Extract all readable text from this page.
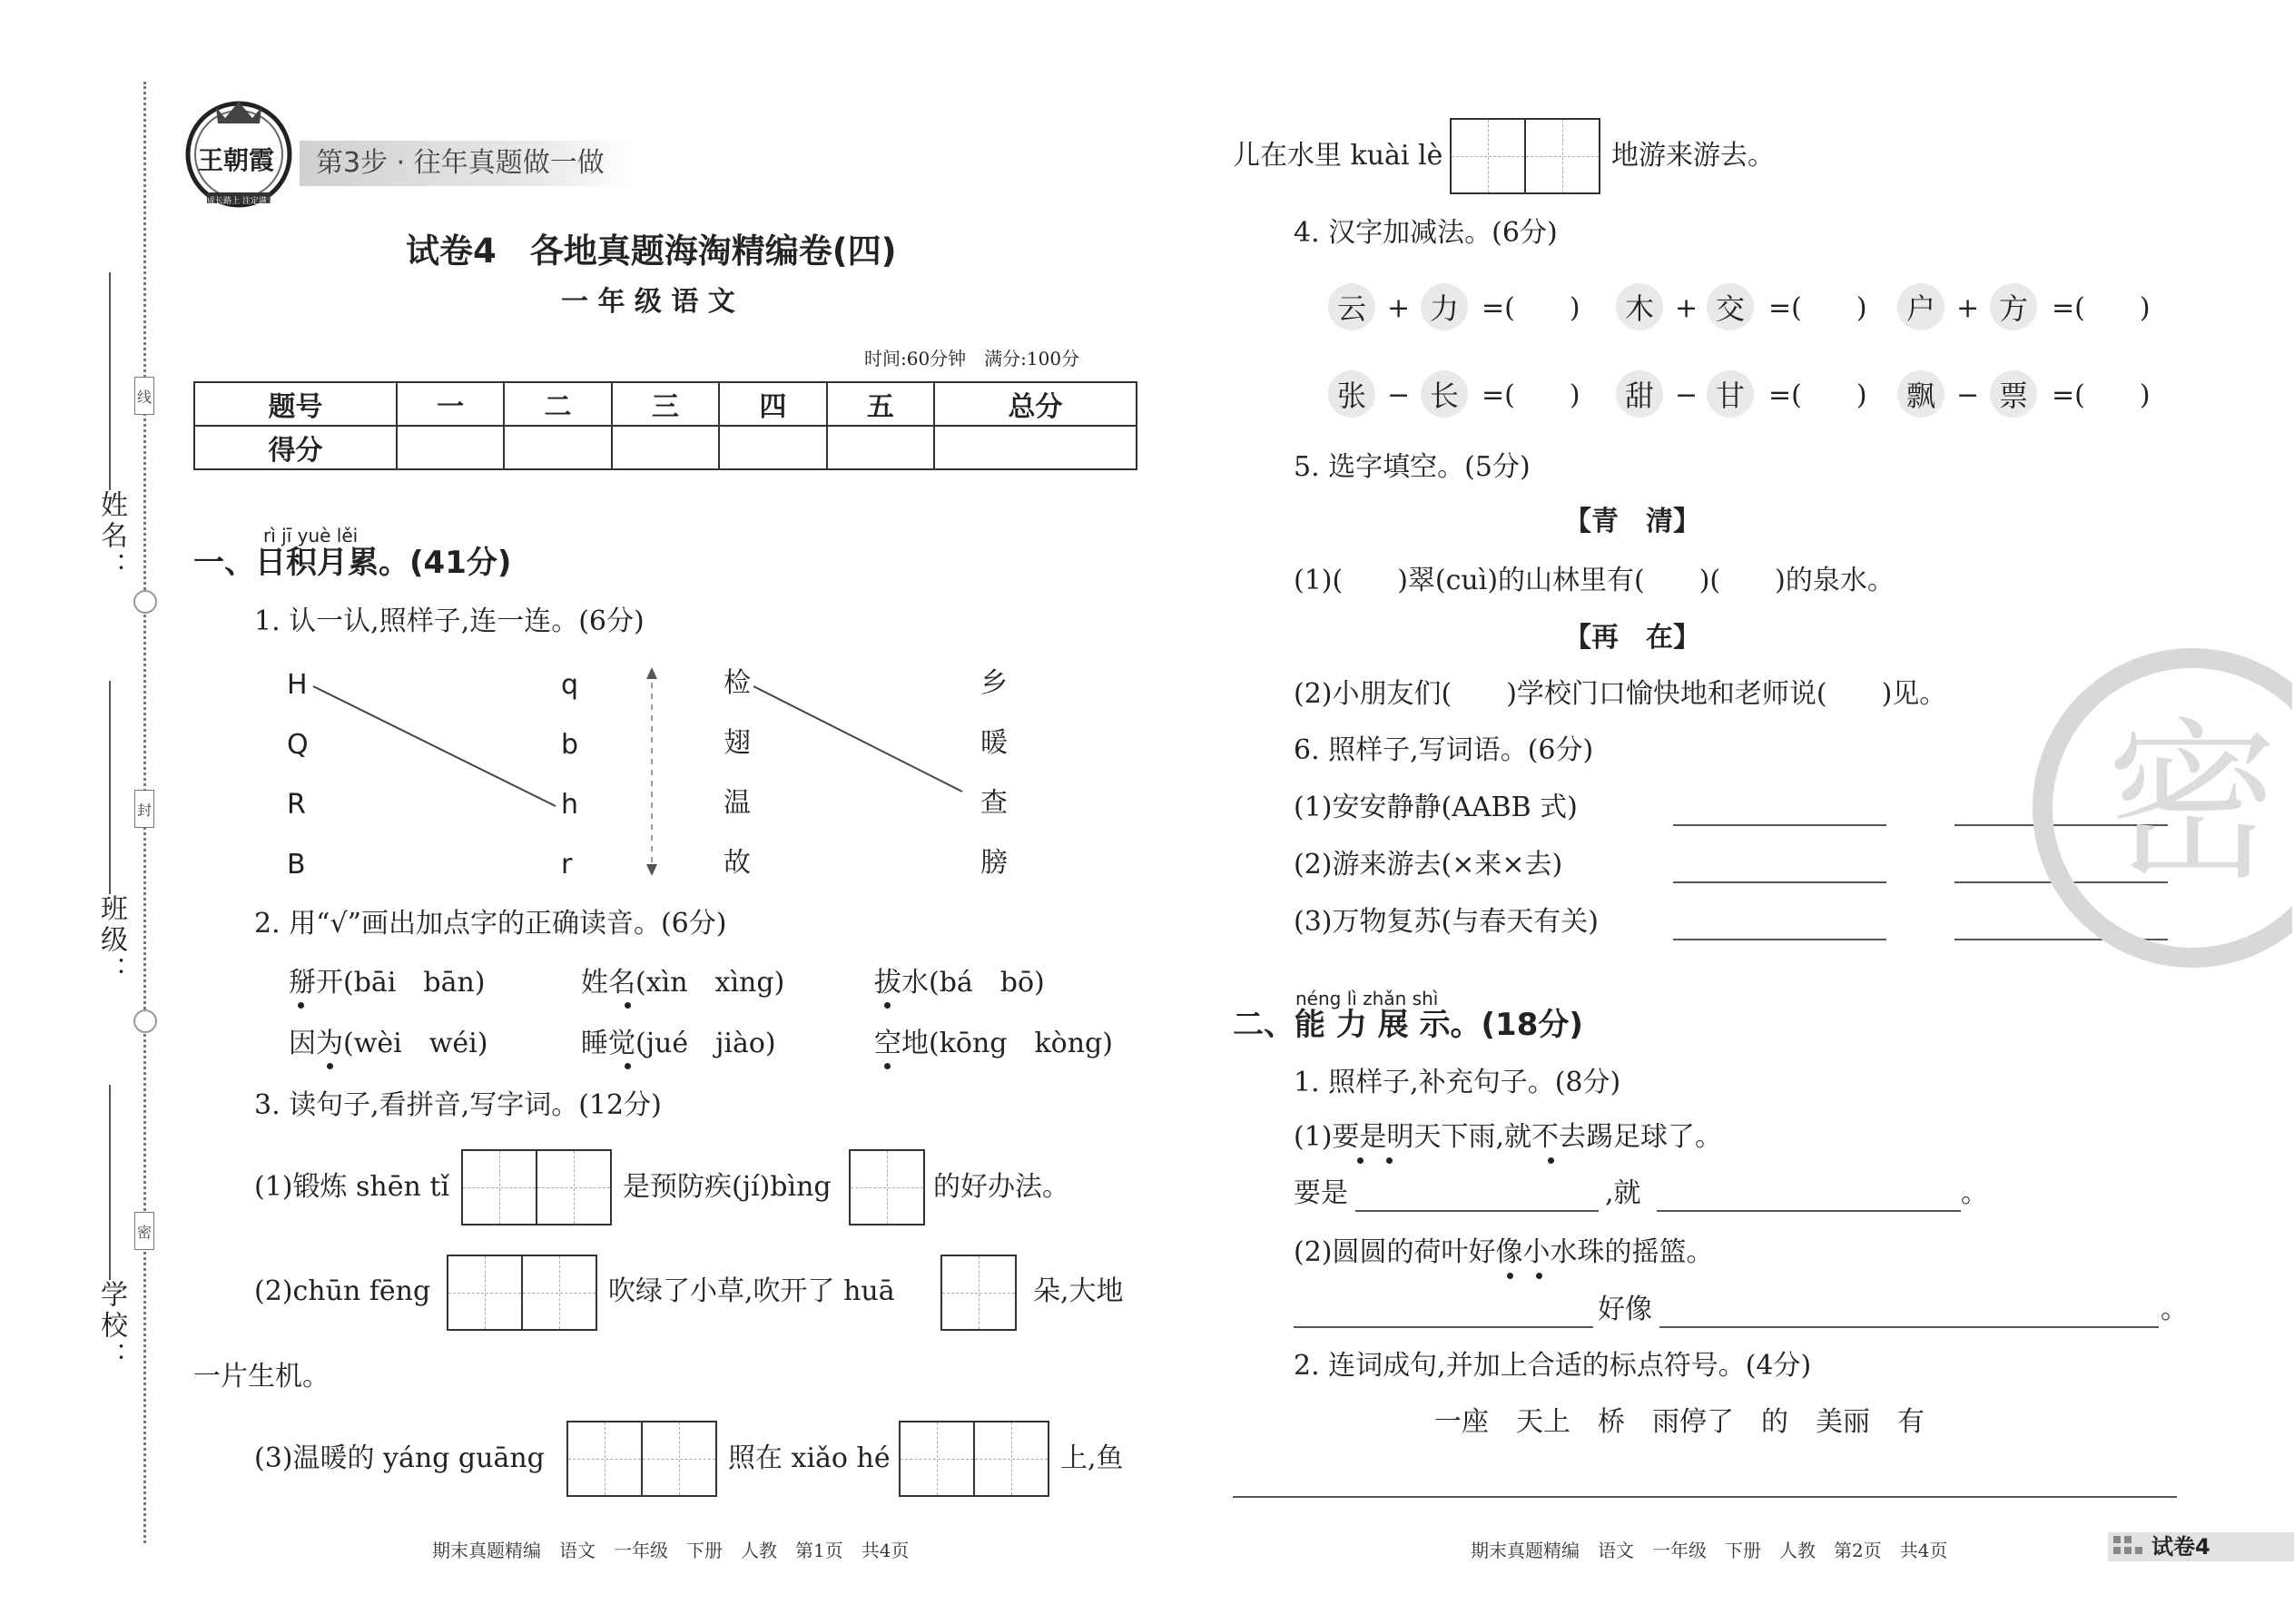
线
封
密
姓名：
班级：
学校：
王朝霞
成长路上 注定满天
第3步 · 往年真题做一做
试卷4　各地真题海淘精编卷(四)
一 年 级 语 文
时间:60分钟　满分:100分
题号	一	二	三	四	五	总分
得分						
rì jī yuè lěi
一、日积月累。(41分)
1. 认一认,照样子,连一连。(6分)
H
Q
R
B
q
b
h
r
检
翅
温
故
乡
暖
查
膀
2. 用“√”画出加点字的正确读音。(6分)
掰开(bāi　bān)	姓名(xìn　xìng)	拔水(bá　bō)
因为(wèi　wéi)	睡觉(jué　jiào)	空地(kōng　kòng)
3. 读句子,看拼音,写字词。(12分)
(1)锻炼 shēn tǐ	是预防疾(jí)bìng	的好办法。
(2)chūn fēng	吹绿了小草,吹开了 huā	朵,大地
一片生机。
(3)温暖的 yáng guāng	照在 xiǎo hé	上,鱼
期末真题精编　语文　一年级　下册　人教　第1页　共4页
儿在水里 kuài lè	地游来游去。
4. 汉字加减法。(6分)
云 + 力 =(　　)	木 + 交 =(　　)	户 + 方 =(　　)
张 − 长 =(　　)	甜 − 甘 =(　　)	飘 − 票 =(　　)
5. 选字填空。(5分)
【青　清】
(1)(　　)翠(cuì)的山林里有(　　)(　　)的泉水。
【再　在】
(2)小朋友们(　　)学校门口愉快地和老师说(　　)见。
6. 照样子,写词语。(6分)
(1)安安静静(AABB 式)
(2)游来游去(×来×去)
(3)万物复苏(与春天有关)
密
néng lì zhǎn shì
二、能 力 展 示。(18分)
1. 照样子,补充句子。(8分)
(1)要是明天下雨,就不去踢足球了。
要是	,就	。
(2)圆圆的荷叶好像小水珠的摇篮。
好像	。
2. 连词成句,并加上合适的标点符号。(4分)
一座　天上　桥　雨停了　的　美丽　有
期末真题精编　语文　一年级　下册　人教　第2页　共4页	试卷4
